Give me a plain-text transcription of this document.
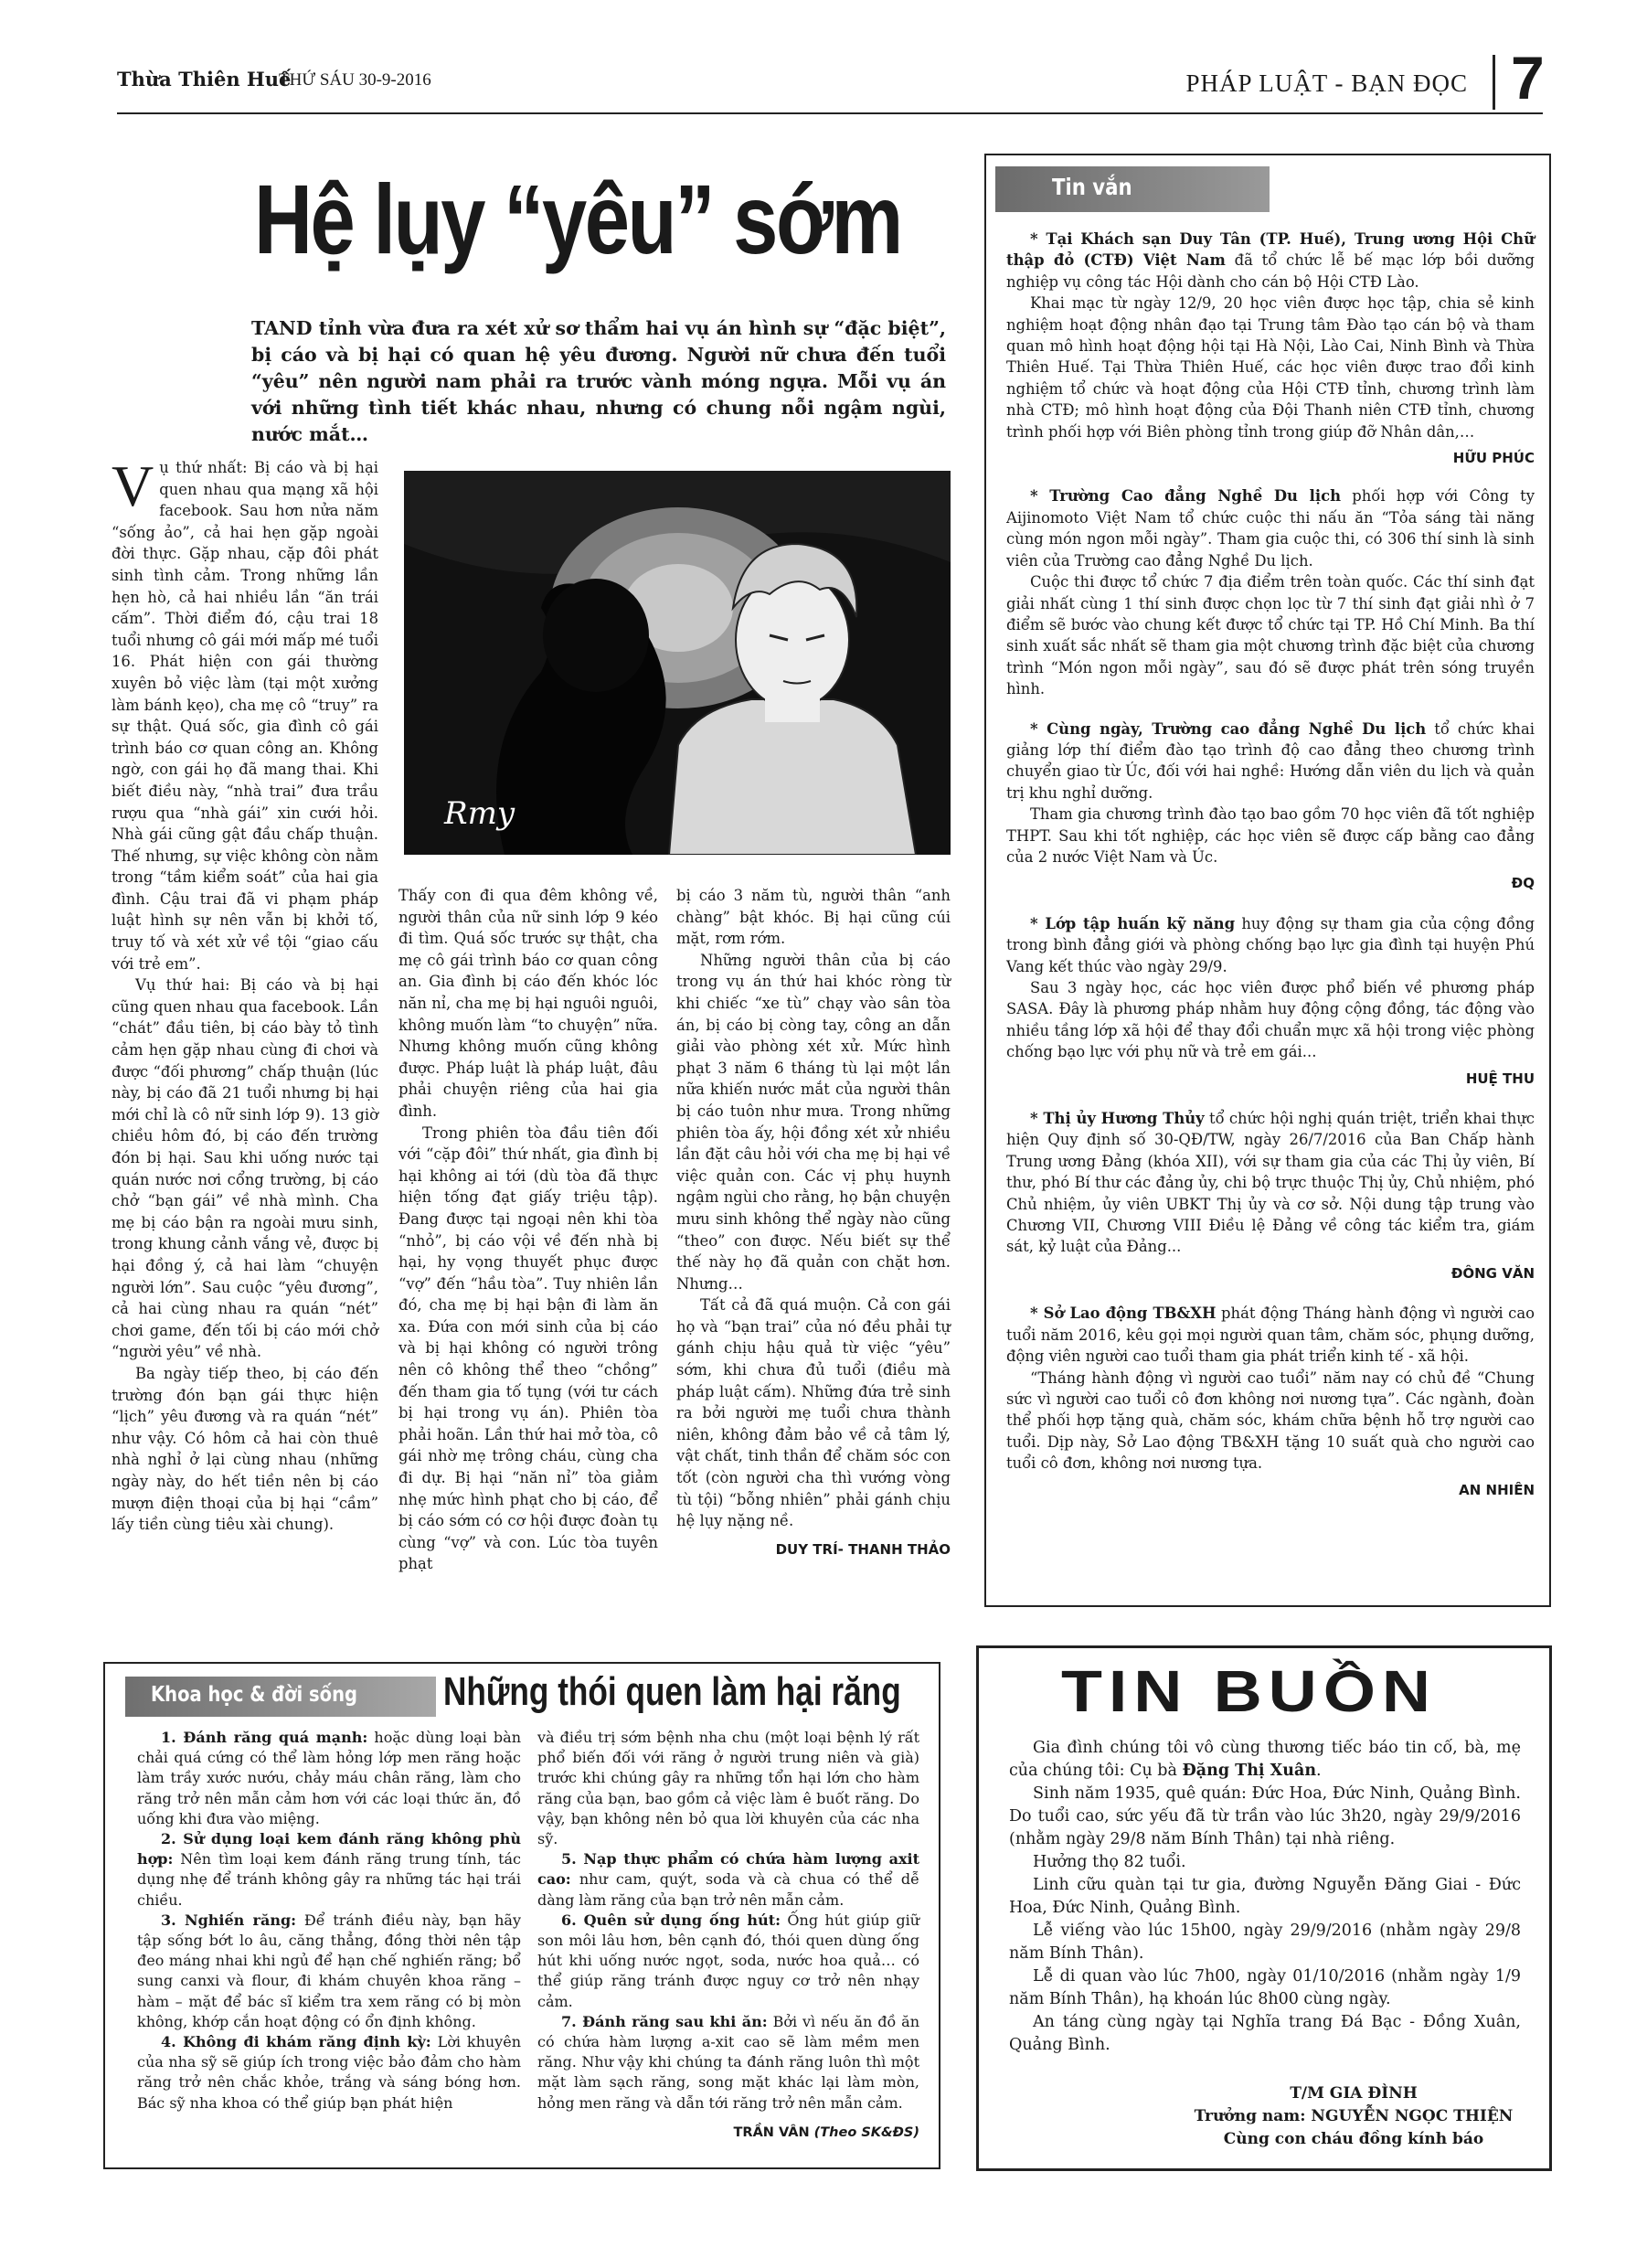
Thừa Thiên Huế
THỨ SÁU 30-9-2016	PHÁP LUẬT - BẠN ĐỌC 7
Hệ lụy “yêu” sớm
TAND tỉnh vừa đưa ra xét xử sơ thẩm hai vụ án hình sự “đặc biệt”, bị cáo và bị hại có quan hệ yêu đương. Người nữ chưa đến tuổi “yêu” nên người nam phải ra trước vành móng ngựa. Mỗi vụ án với những tình tiết khác nhau, nhưng có chung nỗi ngậm ngùi, nước mắt…
Rmy

Vụ thứ nhất: Bị cáo và bị hại quen nhau qua mạng xã hội facebook. Sau hơn nửa năm “sống ảo”, cả hai hẹn gặp ngoài đời thực. Gặp nhau, cặp đôi phát sinh tình cảm. Trong những lần hẹn hò, cả hai nhiều lần “ăn trái cấm”. Thời điểm đó, cậu trai 18 tuổi nhưng cô gái mới mấp mé tuổi 16. Phát hiện con gái thường xuyên bỏ việc làm (tại một xưởng làm bánh kẹo), cha mẹ cô “truy” ra sự thật. Quá sốc, gia đình cô gái trình báo cơ quan công an. Không ngờ, con gái họ đã mang thai. Khi biết điều này, “nhà trai” đưa trầu rượu qua “nhà gái” xin cưới hỏi. Nhà gái cũng gật đầu chấp thuận. Thế nhưng, sự việc không còn nằm trong “tầm kiểm soát” của hai gia đình. Cậu trai đã vi phạm pháp luật hình sự nên vẫn bị khởi tố, truy tố và xét xử về tội “giao cấu với trẻ em”.

Vụ thứ hai: Bị cáo và bị hại cũng quen nhau qua facebook. Lần “chát” đầu tiên, bị cáo bày tỏ tình cảm hẹn gặp nhau cùng đi chơi và được “đối phương” chấp thuận (lúc này, bị cáo đã 21 tuổi nhưng bị hại mới chỉ là cô nữ sinh lớp 9). 13 giờ chiều hôm đó, bị cáo đến trường đón bị hại. Sau khi uống nước tại quán nước nơi cổng trường, bị cáo chở “bạn gái” về nhà mình. Cha mẹ bị cáo bận ra ngoài mưu sinh, trong khung cảnh vắng vẻ, được bị hại đồng ý, cả hai làm “chuyện người lớn”. Sau cuộc “yêu đương”, cả hai cùng nhau ra quán “nét” chơi game, đến tối bị cáo mới chở “người yêu” về nhà.

Ba ngày tiếp theo, bị cáo đến trường đón bạn gái thực hiện “lịch” yêu đương và ra quán “nét” như vậy. Có hôm cả hai còn thuê nhà nghỉ ở lại cùng nhau (những ngày này, do hết tiền nên bị cáo mượn điện thoại của bị hại “cầm” lấy tiền cùng tiêu xài chung).

Thấy con đi qua đêm không về, người thân của nữ sinh lớp 9 kéo đi tìm. Quá sốc trước sự thật, cha mẹ cô gái trình báo cơ quan công an. Gia đình bị cáo đến khóc lóc năn nỉ, cha mẹ bị hại nguôi nguôi, không muốn làm “to chuyện” nữa. Nhưng không muốn cũng không được. Pháp luật là pháp luật, đâu phải chuyện riêng của hai gia đình.

Trong phiên tòa đầu tiên đối với “cặp đôi” thứ nhất, gia đình bị hại không ai tới (dù tòa đã thực hiện tống đạt giấy triệu tập). Đang được tại ngoại nên khi tòa “nhỏ”, bị cáo vội về đến nhà bị hại, hy vọng thuyết phục được “vợ” đến “hầu tòa”. Tuy nhiên lần đó, cha mẹ bị hại bận đi làm ăn xa. Đứa con mới sinh của bị cáo và bị hại không có người trông nên cô không thể theo “chồng” đến tham gia tố tụng (với tư cách bị hại trong vụ án). Phiên tòa phải hoãn. Lần thứ hai mở tòa, cô gái nhờ mẹ trông cháu, cùng cha đi dự. Bị hại “năn nỉ” tòa giảm nhẹ mức hình phạt cho bị cáo, để bị cáo sớm có cơ hội được đoàn tụ cùng “vợ” và con. Lúc tòa tuyên phạt

bị cáo 3 năm tù, người thân “anh chàng” bật khóc. Bị hại cũng cúi mặt, rơm rớm.

Những người thân của bị cáo trong vụ án thứ hai khóc ròng từ khi chiếc “xe tù” chạy vào sân tòa án, bị cáo bị còng tay, công an dẫn giải vào phòng xét xử. Mức hình phạt 3 năm 6 tháng tù lại một lần nữa khiến nước mắt của người thân bị cáo tuôn như mưa. Trong những phiên tòa ấy, hội đồng xét xử nhiều lần đặt câu hỏi với cha mẹ bị hại về việc quản con. Các vị phụ huynh ngậm ngùi cho rằng, họ bận chuyện mưu sinh không thể ngày nào cũng “theo” con được. Nếu biết sự thể thế này họ đã quản con chặt hơn. Nhưng…

Tất cả đã quá muộn. Cả con gái họ và “bạn trai” của nó đều phải tự gánh chịu hậu quả từ việc “yêu” sớm, khi chưa đủ tuổi (điều mà pháp luật cấm). Những đứa trẻ sinh ra bởi người mẹ tuổi chưa thành niên, không đảm bảo về cả tâm lý, vật chất, tinh thần để chăm sóc con tốt (còn người cha thì vướng vòng tù tội) “bỗng nhiên” phải gánh chịu hệ lụy nặng nề.

DUY TRÍ- THANH THẢO
Tin vắn

* Tại Khách sạn Duy Tân (TP. Huế), Trung ương Hội Chữ thập đỏ (CTĐ) Việt Nam đã tổ chức lễ bế mạc lớp bồi dưỡng nghiệp vụ công tác Hội dành cho cán bộ Hội CTĐ Lào.

Khai mạc từ ngày 12/9, 20 học viên được học tập, chia sẻ kinh nghiệm hoạt động nhân đạo tại Trung tâm Đào tạo cán bộ và tham quan mô hình hoạt động hội tại Hà Nội, Lào Cai, Ninh Bình và Thừa Thiên Huế. Tại Thừa Thiên Huế, các học viên được trao đổi kinh nghiệm tổ chức và hoạt động của Hội CTĐ tỉnh, chương trình làm nhà CTĐ; mô hình hoạt động của Đội Thanh niên CTĐ tỉnh, chương trình phối hợp với Biên phòng tỉnh trong giúp đỡ Nhân dân,…

HỮU PHÚC

* Trường Cao đẳng Nghề Du lịch phối hợp với Công ty Aijinomoto Việt Nam tổ chức cuộc thi nấu ăn “Tỏa sáng tài năng cùng món ngon mỗi ngày”. Tham gia cuộc thi, có 306 thí sinh là sinh viên của Trường cao đẳng Nghề Du lịch.

Cuộc thi được tổ chức 7 địa điểm trên toàn quốc. Các thí sinh đạt giải nhất cùng 1 thí sinh được chọn lọc từ 7 thí sinh đạt giải nhì ở 7 điểm sẽ bước vào chung kết được tổ chức tại TP. Hồ Chí Minh. Ba thí sinh xuất sắc nhất sẽ tham gia một chương trình đặc biệt của chương trình “Món ngon mỗi ngày”, sau đó sẽ được phát trên sóng truyền hình.

* Cùng ngày, Trường cao đẳng Nghề Du lịch tổ chức khai giảng lớp thí điểm đào tạo trình độ cao đẳng theo chương trình chuyển giao từ Úc, đối với hai nghề: Hướng dẫn viên du lịch và quản trị khu nghỉ dưỡng.

Tham gia chương trình đào tạo bao gồm 70 học viên đã tốt nghiệp THPT. Sau khi tốt nghiệp, các học viên sẽ được cấp bằng cao đẳng của 2 nước Việt Nam và Úc.

ĐQ

* Lớp tập huấn kỹ năng huy động sự tham gia của cộng đồng trong bình đẳng giới và phòng chống bạo lực gia đình tại huyện Phú Vang kết thúc vào ngày 29/9.

Sau 3 ngày học, các học viên được phổ biến về phương pháp SASA. Đây là phương pháp nhằm huy động cộng đồng, tác động vào nhiều tầng lớp xã hội để thay đổi chuẩn mực xã hội trong việc phòng chống bạo lực với phụ nữ và trẻ em gái...

HUỆ THU

* Thị ủy Hương Thủy tổ chức hội nghị quán triệt, triển khai thực hiện Quy định số 30-QĐ/TW, ngày 26/7/2016 của Ban Chấp hành Trung ương Đảng (khóa XII), với sự tham gia của các Thị ủy viên, Bí thư, phó Bí thư các đảng ủy, chi bộ trực thuộc Thị ủy, Chủ nhiệm, phó Chủ nhiệm, ủy viên UBKT Thị ủy và cơ sở. Nội dung tập trung vào Chương VII, Chương VIII Điều lệ Đảng về công tác kiểm tra, giám sát, kỷ luật của Đảng...

ĐÔNG VĂN

* Sở Lao động TB&XH phát động Tháng hành động vì người cao tuổi năm 2016, kêu gọi mọi người quan tâm, chăm sóc, phụng dưỡng, động viên người cao tuổi tham gia phát triển kinh tế - xã hội.

“Tháng hành động vì người cao tuổi” năm nay có chủ đề “Chung sức vì người cao tuổi cô đơn không nơi nương tựa”. Các ngành, đoàn thể phối hợp tặng quà, chăm sóc, khám chữa bệnh hỗ trợ người cao tuổi. Dịp này, Sở Lao động TB&XH tặng 10 suất quà cho người cao tuổi cô đơn, không nơi nương tựa.

AN NHIÊN
Khoa học & đời sống Những thói quen làm hại răng

1. Đánh răng quá mạnh: hoặc dùng loại bàn chải quá cứng có thể làm hỏng lớp men răng hoặc làm trầy xước nướu, chảy máu chân răng, làm cho răng trở nên mẫn cảm hơn với các loại thức ăn, đồ uống khi đưa vào miệng.

2. Sử dụng loại kem đánh răng không phù hợp: Nên tìm loại kem đánh răng trung tính, tác dụng nhẹ để tránh không gây ra những tác hại trái chiều.

3. Nghiến răng: Để tránh điều này, bạn hãy tập sống bớt lo âu, căng thẳng, đồng thời nên tập đeo máng nhai khi ngủ để hạn chế nghiến răng; bổ sung canxi và flour, đi khám chuyên khoa răng – hàm – mặt để bác sĩ kiểm tra xem răng có bị mòn không, khớp cắn hoạt động có ổn định không.

4. Không đi khám răng định kỳ: Lời khuyên của nha sỹ sẽ giúp ích trong việc bảo đảm cho hàm răng trở nên chắc khỏe, trắng và sáng bóng hơn. Bác sỹ nha khoa có thể giúp bạn phát hiện

và điều trị sớm bệnh nha chu (một loại bệnh lý rất phổ biến đối với răng ở người trung niên và già) trước khi chúng gây ra những tổn hại lớn cho hàm răng của bạn, bao gồm cả việc làm ê buốt răng. Do vậy, bạn không nên bỏ qua lời khuyên của các nha sỹ.

5. Nạp thực phẩm có chứa hàm lượng axit cao: như cam, quýt, soda và cà chua có thể dễ dàng làm răng của bạn trở nên mẫn cảm.

6. Quên sử dụng ống hút: Ống hút giúp giữ son môi lâu hơn, bên cạnh đó, thói quen dùng ống hút khi uống nước ngọt, soda, nước hoa quả… có thể giúp răng tránh được nguy cơ trở nên nhạy cảm.

7. Đánh răng sau khi ăn: Bởi vì nếu ăn đồ ăn có chứa hàm lượng a-xit cao sẽ làm mềm men răng. Như vậy khi chúng ta đánh răng luôn thì một mặt làm sạch răng, song mặt khác lại làm mòn, hỏng men răng và dẫn tới răng trở nên mẫn cảm.

TRẦN VÂN (Theo SK&ĐS)
TIN BUỒN

Gia đình chúng tôi vô cùng thương tiếc báo tin cố, bà, mẹ của chúng tôi: Cụ bà Đặng Thị Xuân.

Sinh năm 1935, quê quán: Đức Hoa, Đức Ninh, Quảng Bình. Do tuổi cao, sức yếu đã từ trần vào lúc 3h20, ngày 29/9/2016 (nhằm ngày 29/8 năm Bính Thân) tại nhà riêng.

Hưởng thọ 82 tuổi.

Linh cữu quàn tại tư gia, đường Nguyễn Đăng Giai - Đức Hoa, Đức Ninh, Quảng Bình.

Lễ viếng vào lúc 15h00, ngày 29/9/2016 (nhằm ngày 29/8 năm Bính Thân).

Lễ di quan vào lúc 7h00, ngày 01/10/2016 (nhằm ngày 1/9 năm Bính Thân), hạ khoán lúc 8h00 cùng ngày.

An táng cùng ngày tại Nghĩa trang Đá Bạc - Đồng Xuân, Quảng Bình.

T/M GIA ĐÌNH
Trưởng nam: NGUYỄN NGỌC THIỆN
Cùng con cháu đồng kính báo
